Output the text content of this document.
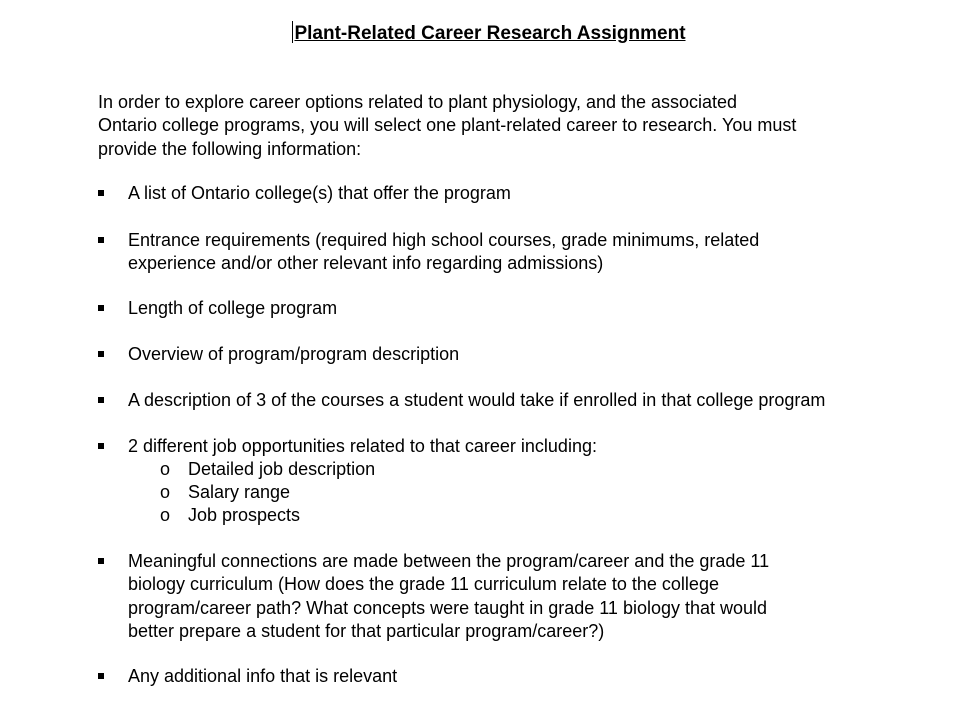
Plant-Related Career Research Assignment
In order to explore career options related to plant physiology, and the associated
Ontario college programs, you will select one plant-related career to research. You must
provide the following information:
A list of Ontario college(s) that offer the program
Entrance requirements (required high school courses, grade minimums, related
experience and/or other relevant info regarding admissions)
Length of college program
Overview of program/program description
A description of 3 of the courses a student would take if enrolled in that college program
2 different job opportunities related to that career including:
o Detailed job description
o Salary range
o Job prospects
Meaningful connections are made between the program/career and the grade 11
biology curriculum (How does the grade 11 curriculum relate to the college
program/career path? What concepts were taught in grade 11 biology that would
better prepare a student for that particular program/career?)
Any additional info that is relevant
